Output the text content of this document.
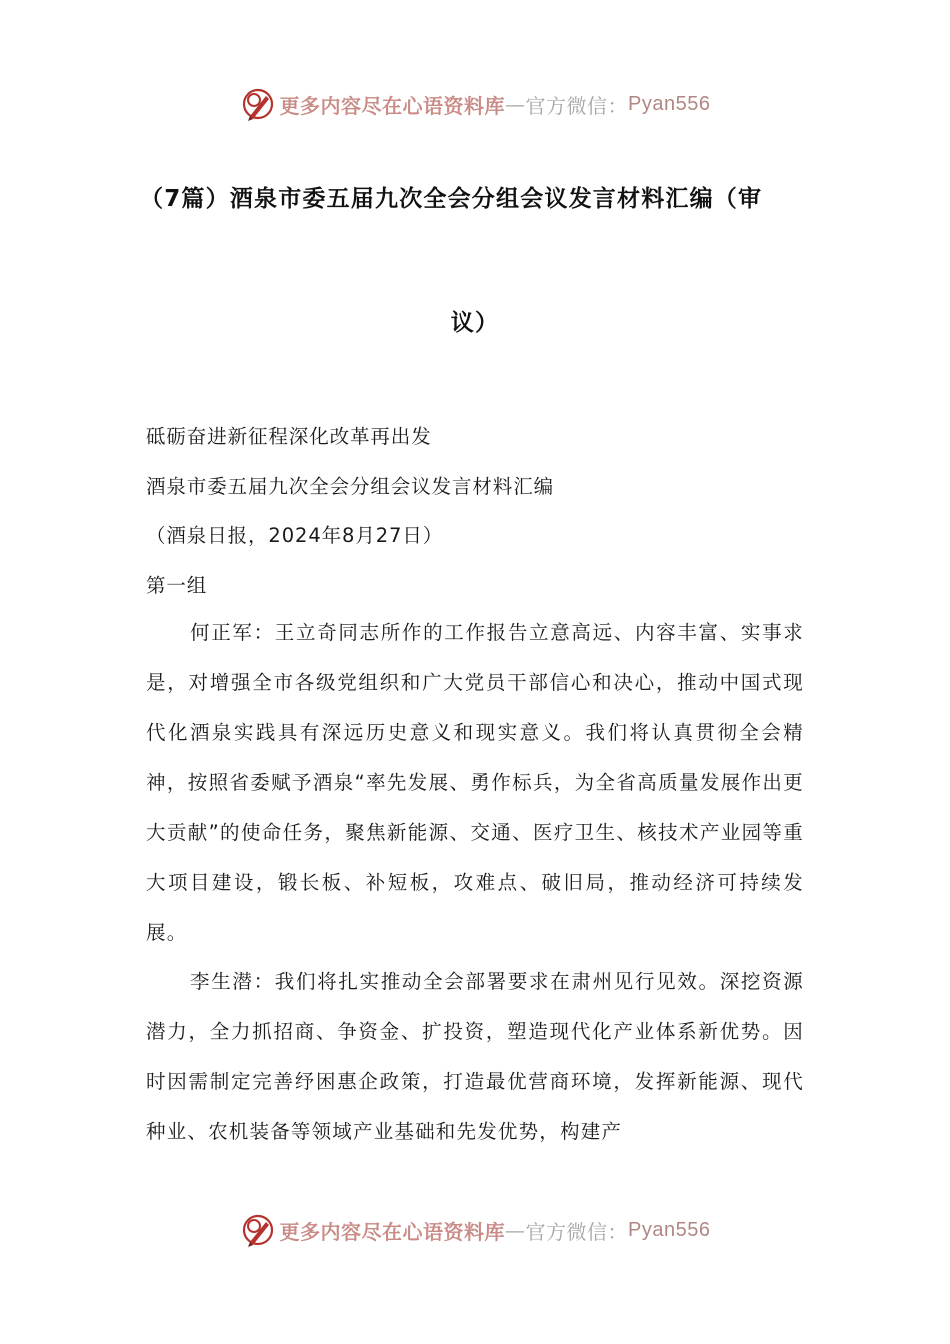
更多内容尽在心语资料库 — 官方微信： Pyan556
（7篇）酒泉市委五届九次全会分组会议发言材料汇编（审
议）
砥砺奋进新征程深化改革再出发
酒泉市委五届九次全会分组会议发言材料汇编
（酒泉日报，2024年8月27日）
第一组
何正军：王立奇同志所作的工作报告立意高远、内容丰富、实事求是，对增强全市各级党组织和广大党员干部信心和决心，推动中国式现代化酒泉实践具有深远历史意义和现实意义。我们将认真贯彻全会精神，按照省委赋予酒泉“率先发展、勇作标兵，为全省高质量发展作出更大贡献”的使命任务，聚焦新能源、交通、医疗卫生、核技术产业园等重大项目建设，锻长板、补短板，攻难点、破旧局，推动经济可持续发展。
李生潜：我们将扎实推动全会部署要求在肃州见行见效。深挖资源潜力，全力抓招商、争资金、扩投资，塑造现代化产业体系新优势。因时因需制定完善纾困惠企政策，打造最优营商环境，发挥新能源、现代种业、农机装备等领域产业基础和先发优势，构建产
更多内容尽在心语资料库 — 官方微信： Pyan556
